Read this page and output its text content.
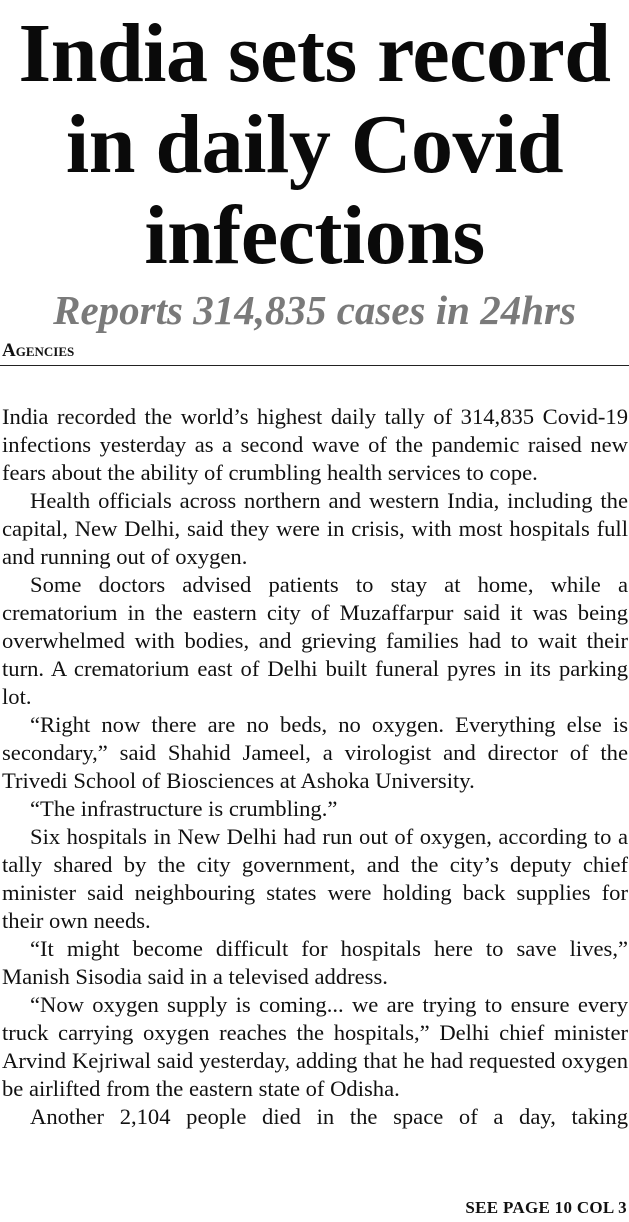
India sets record
in daily Covid
infections
Reports 314,835 cases in 24hrs
Agencies

India recorded the world’s highest daily tally of 314,835 Covid-19 infections yesterday as a second wave of the pandemic raised new fears about the ability of crumbling health services to cope.

Health officials across northern and western India, including the capital, New Delhi, said they were in crisis, with most hospitals full and running out of oxygen.

Some doctors advised patients to stay at home, while a crematorium in the eastern city of Muzaffarpur said it was being overwhelmed with bodies, and grieving families had to wait their turn. A crematorium east of Delhi built funeral pyres in its parking lot.

“Right now there are no beds, no oxygen. Everything else is secondary,” said Shahid Jameel, a virologist and director of the Trivedi School of Biosciences at Ashoka University.

“The infrastructure is crumbling.”

Six hospitals in New Delhi had run out of oxygen, according to a tally shared by the city government, and the city’s deputy chief minister said neighbouring states were holding back supplies for their own needs.

“It might become difficult for hospitals here to save lives,” Manish Sisodia said in a televised address.

“Now oxygen supply is coming... we are trying to ensure every truck carrying oxygen reaches the hospitals,” Delhi chief minister Arvind Kejriwal said yesterday, adding that he had requested oxygen be airlifted from the eastern state of Odisha.

Another 2,104 people died in the space of a day, taking

SEE PAGE 10 COL 3
